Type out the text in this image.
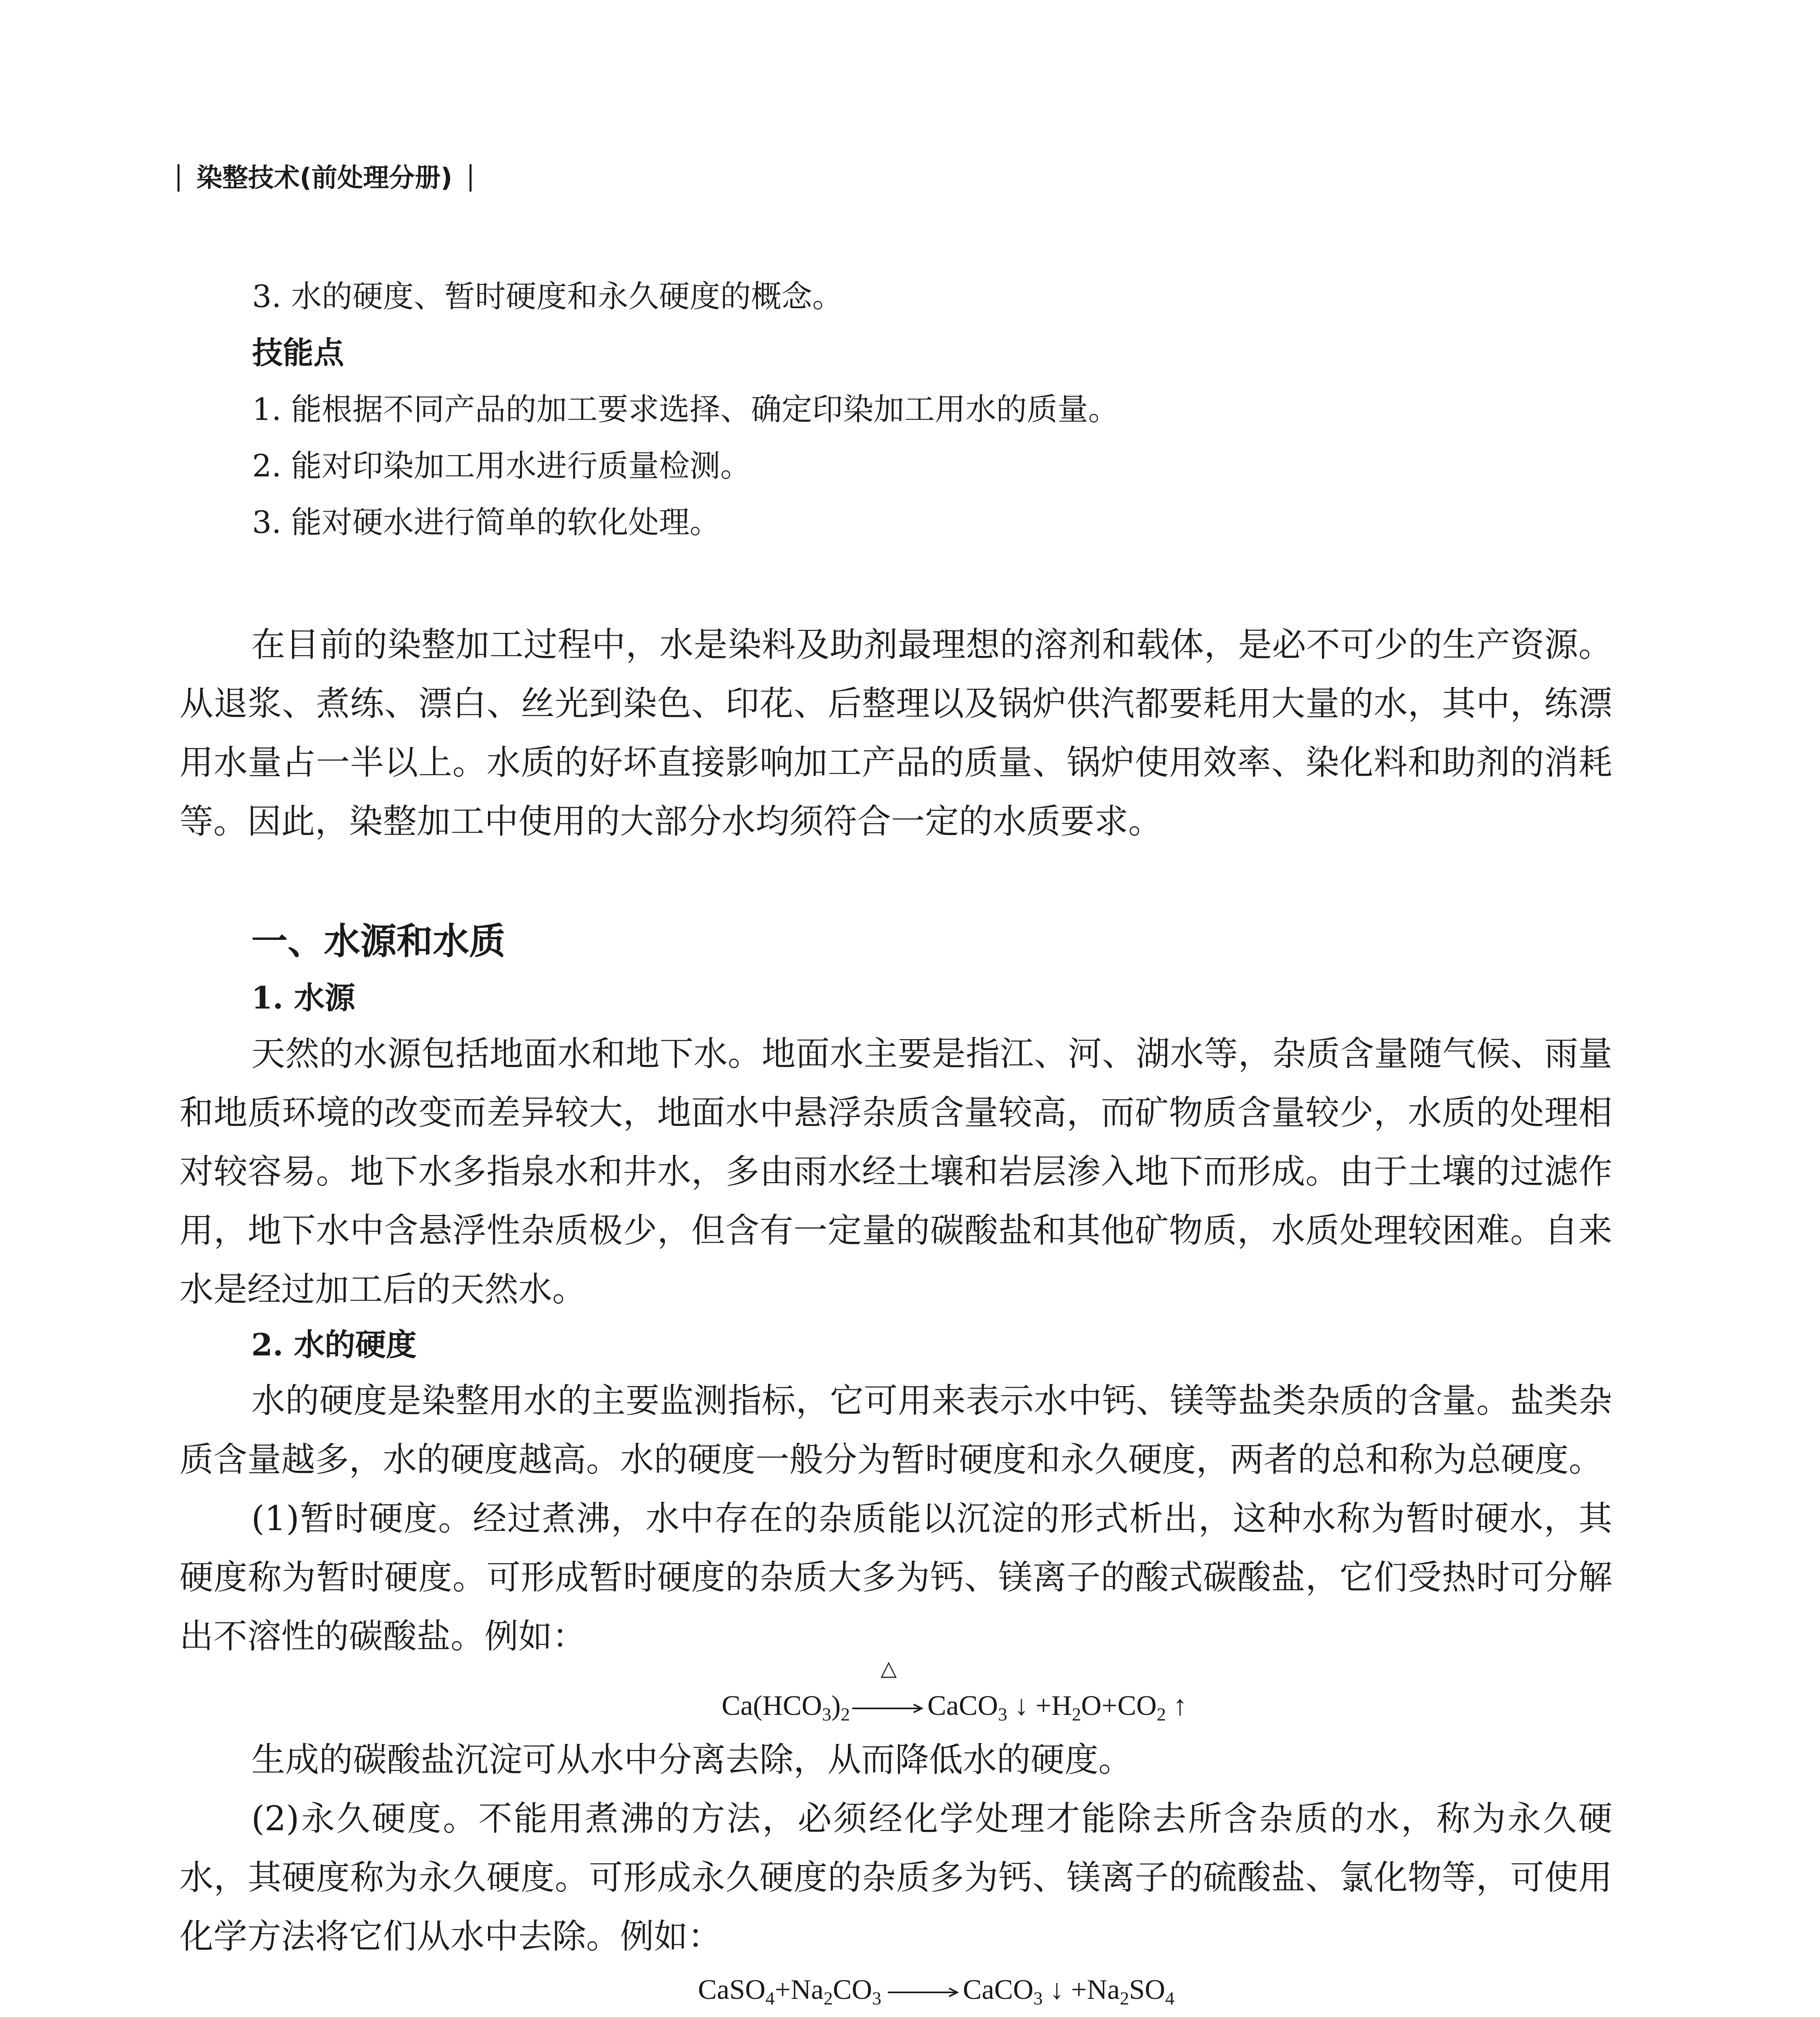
染整技术(前处理分册)

3. 水的硬度、暂时硬度和永久硬度的概念。

技能点

1. 能根据不同产品的加工要求选择、确定印染加工用水的质量。

2. 能对印染加工用水进行质量检测。

3. 能对硬水进行简单的软化处理。

在目前的染整加工过程中，水是染料及助剂最理想的溶剂和载体，是必不可少的生产资源。从退浆、煮练、漂白、丝光到染色、印花、后整理以及锅炉供汽都要耗用大量的水，其中，练漂用水量占一半以上。水质的好坏直接影响加工产品的质量、锅炉使用效率、染化料和助剂的消耗等。因此，染整加工中使用的大部分水均须符合一定的水质要求。

一、水源和水质

1. 水源

天然的水源包括地面水和地下水。地面水主要是指江、河、湖水等，杂质含量随气候、雨量和地质环境的改变而差异较大，地面水中悬浮杂质含量较高，而矿物质含量较少，水质的处理相对较容易。地下水多指泉水和井水，多由雨水经土壤和岩层渗入地下而形成。由于土壤的过滤作用，地下水中含悬浮性杂质极少，但含有一定量的碳酸盐和其他矿物质，水质处理较困难。自来水是经过加工后的天然水。

2. 水的硬度

水的硬度是染整用水的主要监测指标，它可用来表示水中钙、镁等盐类杂质的含量。盐类杂质含量越多，水的硬度越高。水的硬度一般分为暂时硬度和永久硬度，两者的总和称为总硬度。

(1)暂时硬度。经过煮沸，水中存在的杂质能以沉淀的形式析出，这种水称为暂时硬水，其硬度称为暂时硬度。可形成暂时硬度的杂质大多为钙、镁离子的酸式碳酸盐，它们受热时可分解出不溶性的碳酸盐。例如：

$Ca(HCO_3)_2$
△
CaCO$_3$ ↓ $+H_2O+CO_2$ ↑

生成的碳酸盐沉淀可从水中分离去除，从而降低水的硬度。

(2)永久硬度。不能用煮沸的方法，必须经化学处理才能除去所含杂质的水，称为永久硬水，其硬度称为永久硬度。可形成永久硬度的杂质多为钙、镁离子的硫酸盐、氯化物等，可使用化学方法将它们从水中去除。例如：

$CaSO_4+Na_2CO_3$	CaCO$_3$ ↓ $+Na_2SO_4$
